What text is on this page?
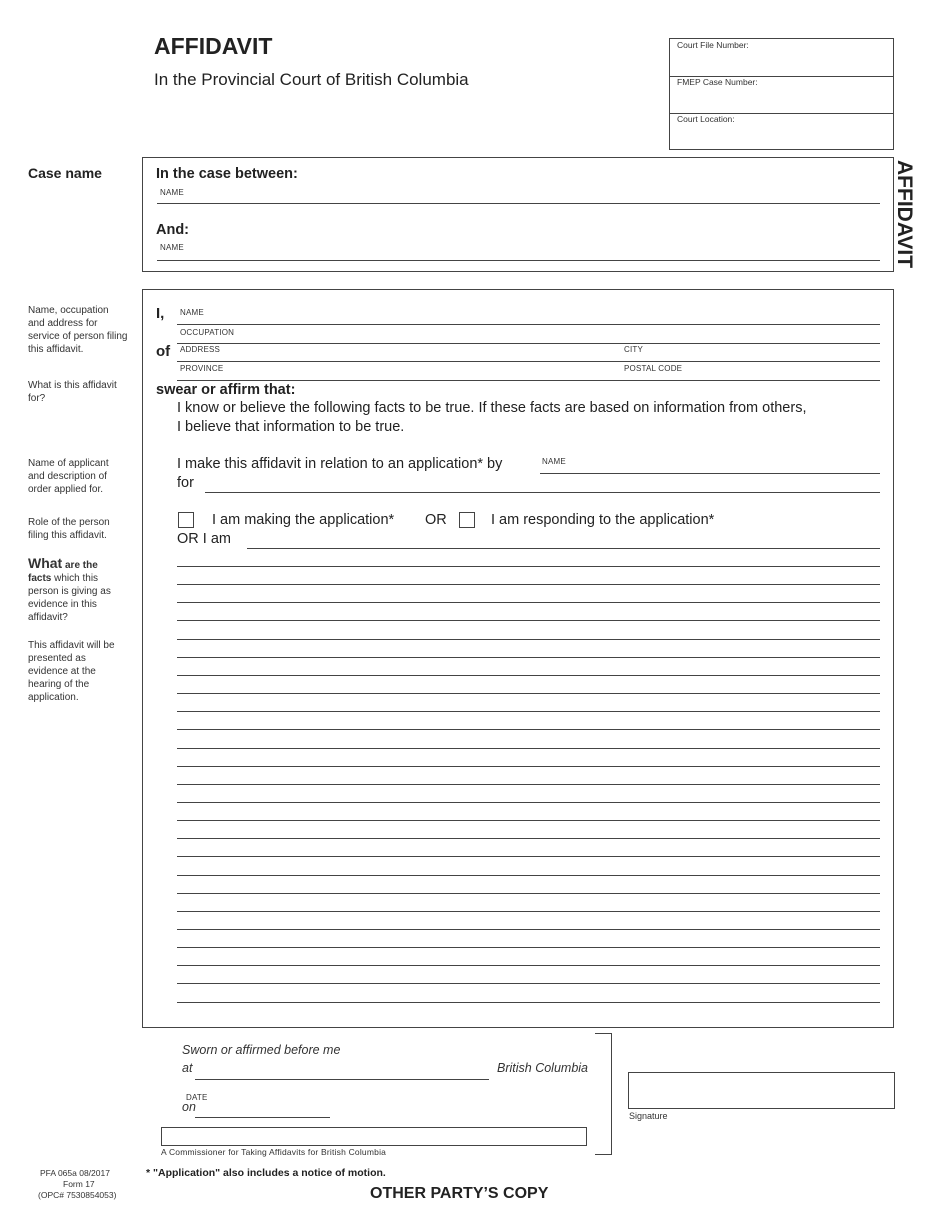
AFFIDAVIT
In the Provincial Court of British Columbia
Court File Number:
FMEP Case Number:
Court Location:
AFFIDAVIT
Case name	In the case between:
NAME
And:
NAME
Name, occupation and address for service of person filing this affidavit.
What is this affidavit for?
Name of applicant and description of order applied for.
Role of the person filing this affidavit.
What are the
facts which this person is giving as evidence in this affidavit?
This affidavit will be presented as evidence at the hearing of the application.
I, NAME
OCCUPATION
of ADDRESS	CITY
PROVINCE	POSTAL CODE
swear or affirm that:
I know or believe the following facts to be true. If these facts are based on information from others,
I believe that information to be true.
I make this affidavit in relation to an application* by	NAME
for
I am making the application* OR	I am responding to the application*
OR I am
Sworn or affirmed before me
at	British Columbia
DATE
on
A Commissioner for Taking Affidavits for British Columbia
Signature
PFA 065a 08/2017
Form 17
(OPC# 7530854053)
* "Application" also includes a notice of motion.
OTHER PARTY’S COPY
